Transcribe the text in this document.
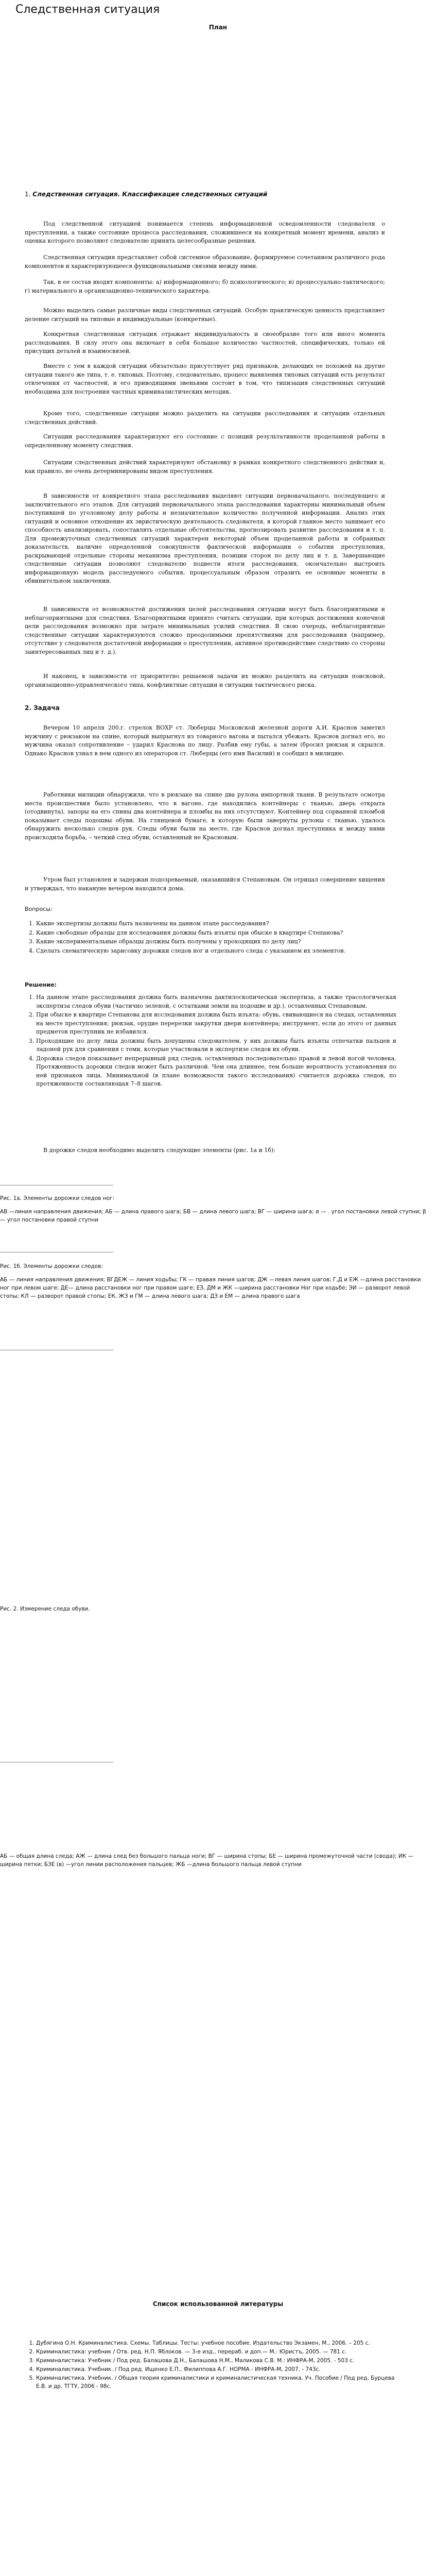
Следственная ситуация
План
1. Следственная ситуация. Классификация следственных ситуаций

Под следственной ситуацией понимается степень информационной осведомленности следователя о преступлении, а также состояние процесса расследования, сложившееся на конкретный момент времени, анализ и оценка которого позволяют следователю принять целесообразные решения.

Следственная ситуация представляет собой системное образование, формируемое сочетанием различного рода компонентов и характеризующееся функциональными связями между ними.

Так, в ее состав входят компоненты: а) информационного; б) психологического; в) процессуально-тактического; г) материального и организационно-технического характера.

Можно выделить самые различные виды следственных ситуаций. Особую практическую ценность представляет деление ситуаций на типовые и индивидуальные (конкретные).

Конкретная следственная ситуация отражает индивидуальность и своеобразие того или иного момента расследования. В силу этого она включает в себя большое количество частностей, специфических, только ей присущих деталей и взаимосвязей.

Вместе с тем в каждой ситуации обязательно присутствует ряд признаков, делающих ее похожей на другие ситуации такого же типа, т. е. типовых. Поэтому, следовательно, процесс выявления типовых ситуаций есть результат отвлечения от частностей, и его приводящими звеньями состоит в том, что типизация следственных ситуаций необходима для построения частных криминалистических методик.

Кроме того, следственные ситуации можно разделить на ситуации расследования и ситуации отдельных следственных действий.

Ситуации расследования характеризуют его состояние с позиций результативности проделанной работы в определенному моменту следствия.

Ситуации следственных действий характеризуют обстановку в рамках конкретного следственного действия и, как правило, не очень детерминированы видом преступления.

В зависимости от конкретного этапа расследования выделяют ситуации первоначального, последующего и заключительного его этапов. Для ситуаций первоначального этапа расследования характерны минимальный объем поступившей по уголовному делу работы и незначительное количество полученной информации. Анализ этих ситуаций и основное отношение их эвристическую деятельность следователя, в которой главное место занимает его способность анализировать, сопоставлять отдельные обстоятельства, прогнозировать развитие расследования и т. п. Для промежуточных следственных ситуаций характерен некоторый объем проделанной работы и собранных доказательств, наличие определенной совокупности фактической информации о событии преступления, раскрывающей отдельные стороны механизма преступления, позиции сторон по делу лиц и т. д. Завершающие следственные ситуации позволяют следователю подвести итоги расследования, окончательно выстроить информационную модель расследуемого события, процессуальным образом отразить ее основные моменты в обвинительном заключении.

В зависимости от возможностей достижения целей расследования ситуации могут быть благоприятными и неблагоприятными для следствия. Благоприятными принято считать ситуации, при которых достижения конечной цели расследования возможно при затрате минимальных усилий следствия. В свою очередь, неблагоприятные следственные ситуации характеризуются сложно преодолимыми препятствиями для расследования (например, отсутствие у следователя достаточной информации о преступлении, активное противодействие следствию со стороны заинтересованных лиц и т. д.).

И наконец, в зависимости от приоритетно решаемой задачи их можно разделить на ситуации поисковой, организационно-управленческого типа, конфликтные ситуации и ситуации тактического риска.

2. Задача

Вечером 10 апреля 200.г. стрелок ВОХР ст. Люберцы Московской железной дороги А.И. Краснов заметил мужчину с рюкзаком на спине, который выпрыгнул из товарного вагона и пытался убежать. Краснов догнал его, но мужчина оказал сопротивление – ударил Краснова по лицу. Разбив ему губы, а затем (бросил рюкзак и скрылся. Однако Краснов узнал в нем одного из операторов ст. Люберцы (его имя Василий) и сообщил в милицию.

Работники милиции обнаружили, что в рюкзаке на спине два рулона импортной ткани. В результате осмотра места происшествия было установлено, что в вагоне, где находились контейнеры с тканью, дверь открыта (отодвинута), запоры на его спины два контейнера и пломбы на них отсутствуют. Контейнер под сорванной пломбой показывает следы подошвы обуви. На глянцевой бумаге, в которую были завернуты рулоны с тканью, удалось обнаружить несколько следов рук. Следы обуви были на месте, где Краснов догнал преступника и между ними происходила борьба, – четкий след обуви, оставленный не Красновым.

Утром был установлен и задержан подозреваемый, оказавшийся Степановым. Он отрицал совершение хищения и утверждал, что накануне вечером находился дома.

Вопросы:
1. Какие экспертизы должны быть назначены на данном этапе расследования?
2. Какие свободные образцы для исследования должны быть изъяты при обыске в квартире Степанова?
3. Какие экспериментальные образцы должны быть получены у проходящих по делу лиц?
4. Сделать схематическую зарисовку дорожки следов ног и отдельного следа с указанием их элементов.
Решение:
1. На данном этапе расследования должна быть назначена дактилоскопическая экспертиза, а также трасологическая экспертиза следов обуви (частично зеленой, с остатками земли на подошве и др.), оставленных Степановым.
2. При обыске в квартире Степанова для исследования должна быть изъята: обувь, свивающиеся на следах, оставленных на месте преступления; рюкзак, орудие перерезки закрутки двери контейнера; инструмент, если до этого от данных предметов преступник не избавился.
3. Проходящие по делу лица должны быть допущены следователем, у них должны быть изъяты отпечатки пальцев и ладоней рук для сравнения с теми, которые участвовали в экспертизе следов их обуви.
4. Дорожка следов показывает непрерывный ряд следов, оставленных последовательно правой и левой ногой человека. Протяженность дорожки следов может быть различной. Чем она длиннее, тем больше вероятность установления по ней признаков лица. Минимальной (в плане возможности такого исследования) считается дорожка следов, по протяженности составляющая 7–8 шагов.

В дорожке следов необходимо выделить следующие элементы (рис. 1а и 1б):

Рис. 1а. Элементы дорожки следов ног:

АВ —линия направления движения; АБ — длина правого шага; БВ — длина левого шага; ВГ — ширина шага; α — . угол постановки левой ступни; β— угол постановки правой ступни

Рис. 1б. Элементы дорожки следов:

АБ — линия направления движения; ВГДЕЖ — линия ходьбы; ГК — правая линия шагов; ДЖ —левая линия шагов; Г,Д и ЕЖ —длина расстановки ног при левом шаге; ДЕ— длина расстановки ног при правом шаге; ЕЗ, ДМ и ЖК —ширина расстановки Ног при ходьбе; ЭИ — разворот левой стопы; КЛ — разворот правой стопы; ЕК, ЖЗ и ГМ — длина левого шага; ДЗ и ЕМ — длина правого шага

Рис. 2. Измерение следа обуви.

АБ — общая длина следа; АЖ — длина след без большого пальца ноги; ВГ — ширина стопы; БЕ — ширина промежуточной части (свода); ИК — ширина пятки; БЗЕ (в) —угол линии расположения пальцев; ЖБ —длина большого пальца левой ступни

Список использованной литературы
1. Дубягина О.Н. Криминалистика. Схемы. Таблицы. Тесты: учебное пособие. Издательство Экзамен, М., 2006. – 205 с.
2. Криминалистика: учебник / Отв. ред. Н.П. Яблоков. — 3-е изд., перераб. и доп.— М.: Юристъ, 2005. — 781 с.
3. Криминалистика: Учебник / Под ред. Балашова Д.Н., Балашова Н.М., Маликова С.В. М.: ИНФРА-М, 2005. - 503 с.
4. Криминалистика. Учебник. / Под ред. Ищенко Е.П., Филиппова А.Г. НОРМА - ИНФРА-М, 2007. - 743с.
5. Криминалистика. Учебник. / Общая теория криминалистики и криминалистическая техника. Уч. Пособие / Под ред. Бурцева Е.В. и др. ТГТУ, 2006 - 98с.
